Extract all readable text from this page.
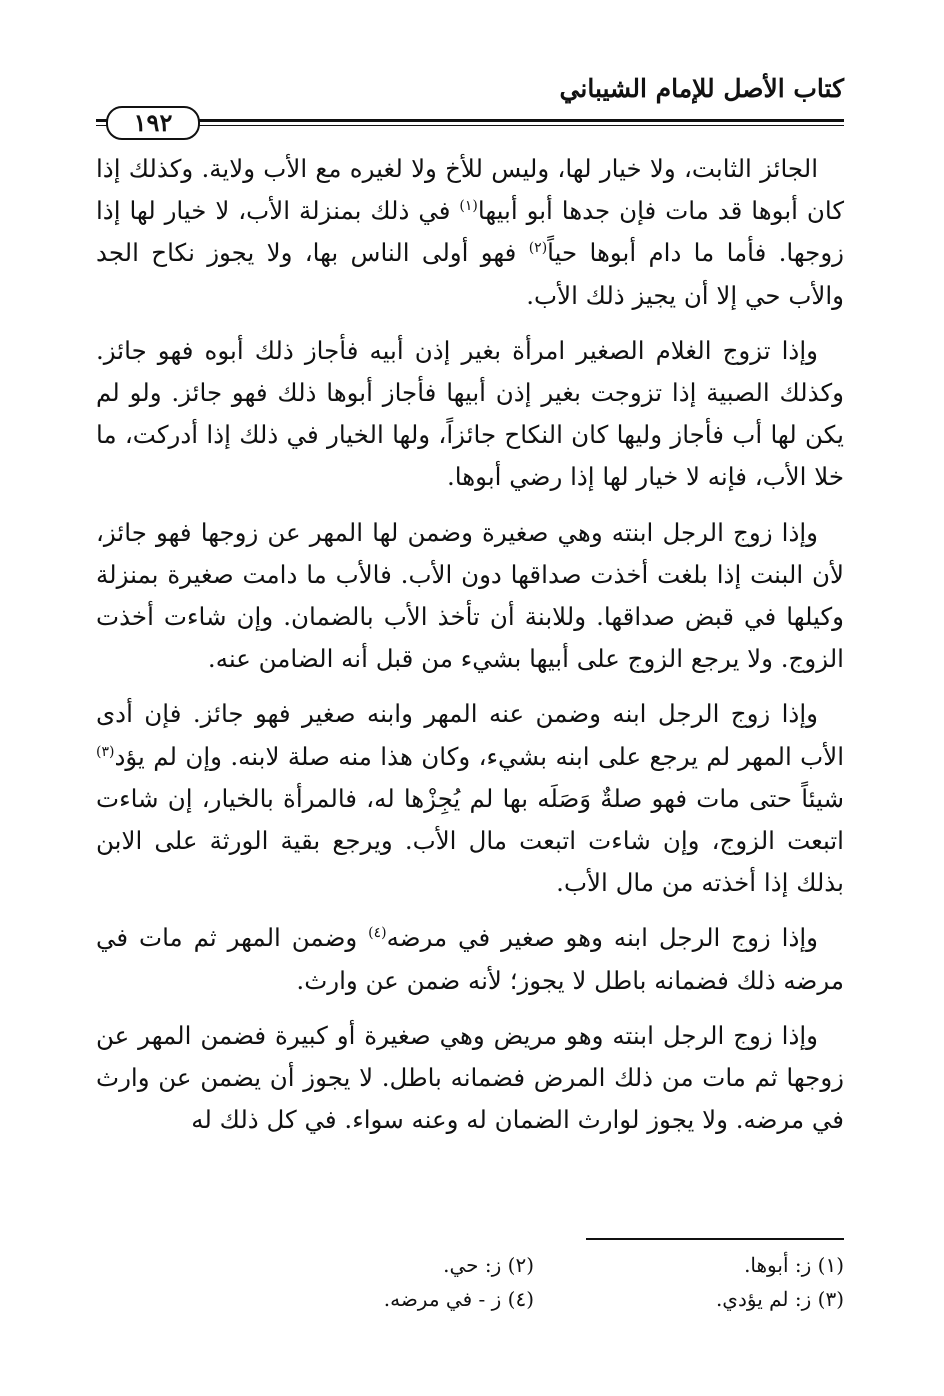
كتاب الأصل للإمام الشيباني
١٩٢

الجائز الثابت، ولا خيار لها، وليس للأخ ولا لغيره مع الأب ولاية. وكذلك إذا كان أبوها قد مات فإن جدها أبو أبيها$^{(١)}$ في ذلك بمنزلة الأب، لا خيار لها إذا زوجها. فأما ما دام أبوها حياً$^{(٢)}$ فهو أولى الناس بها، ولا يجوز نكاح الجد والأب حي إلا أن يجيز ذلك الأب.

وإذا تزوج الغلام الصغير امرأة بغير إذن أبيه فأجاز ذلك أبوه فهو جائز. وكذلك الصبية إذا تزوجت بغير إذن أبيها فأجاز أبوها ذلك فهو جائز. ولو لم يكن لها أب فأجاز وليها كان النكاح جائزاً، ولها الخيار في ذلك إذا أدركت، ما خلا الأب، فإنه لا خيار لها إذا رضي أبوها.

وإذا زوج الرجل ابنته وهي صغيرة وضمن لها المهر عن زوجها فهو جائز، لأن البنت إذا بلغت أخذت صداقها دون الأب. فالأب ما دامت صغيرة بمنزلة وكيلها في قبض صداقها. وللابنة أن تأخذ الأب بالضمان. وإن شاءت أخذت الزوج. ولا يرجع الزوج على أبيها بشيء من قبل أنه الضامن عنه.

وإذا زوج الرجل ابنه وضمن عنه المهر وابنه صغير فهو جائز. فإن أدى الأب المهر لم يرجع على ابنه بشيء، وكان هذا منه صلة لابنه. وإن لم يؤد$^{(٣)}$ شيئاً حتى مات فهو صلةٌ وَصَلَه بها لم يُجِزْها له، فالمرأة بالخيار، إن شاءت اتبعت الزوج، وإن شاءت اتبعت مال الأب. ويرجع بقية الورثة على الابن بذلك إذا أخذته من مال الأب.

وإذا زوج الرجل ابنه وهو صغير في مرضه$^{(٤)}$ وضمن المهر ثم مات في مرضه ذلك فضمانه باطل لا يجوز؛ لأنه ضمن عن وارث.

وإذا زوج الرجل ابنته وهو مريض وهي صغيرة أو كبيرة فضمن المهر عن زوجها ثم مات من ذلك المرض فضمانه باطل. لا يجوز أن يضمن عن وارث في مرضه. ولا يجوز لوارث الضمان له وعنه سواء. في كل ذلك له

(١) ز: أبوها.
(٢) ز: حي.
(٣) ز: لم يؤدي.
(٤) ز - في مرضه.
